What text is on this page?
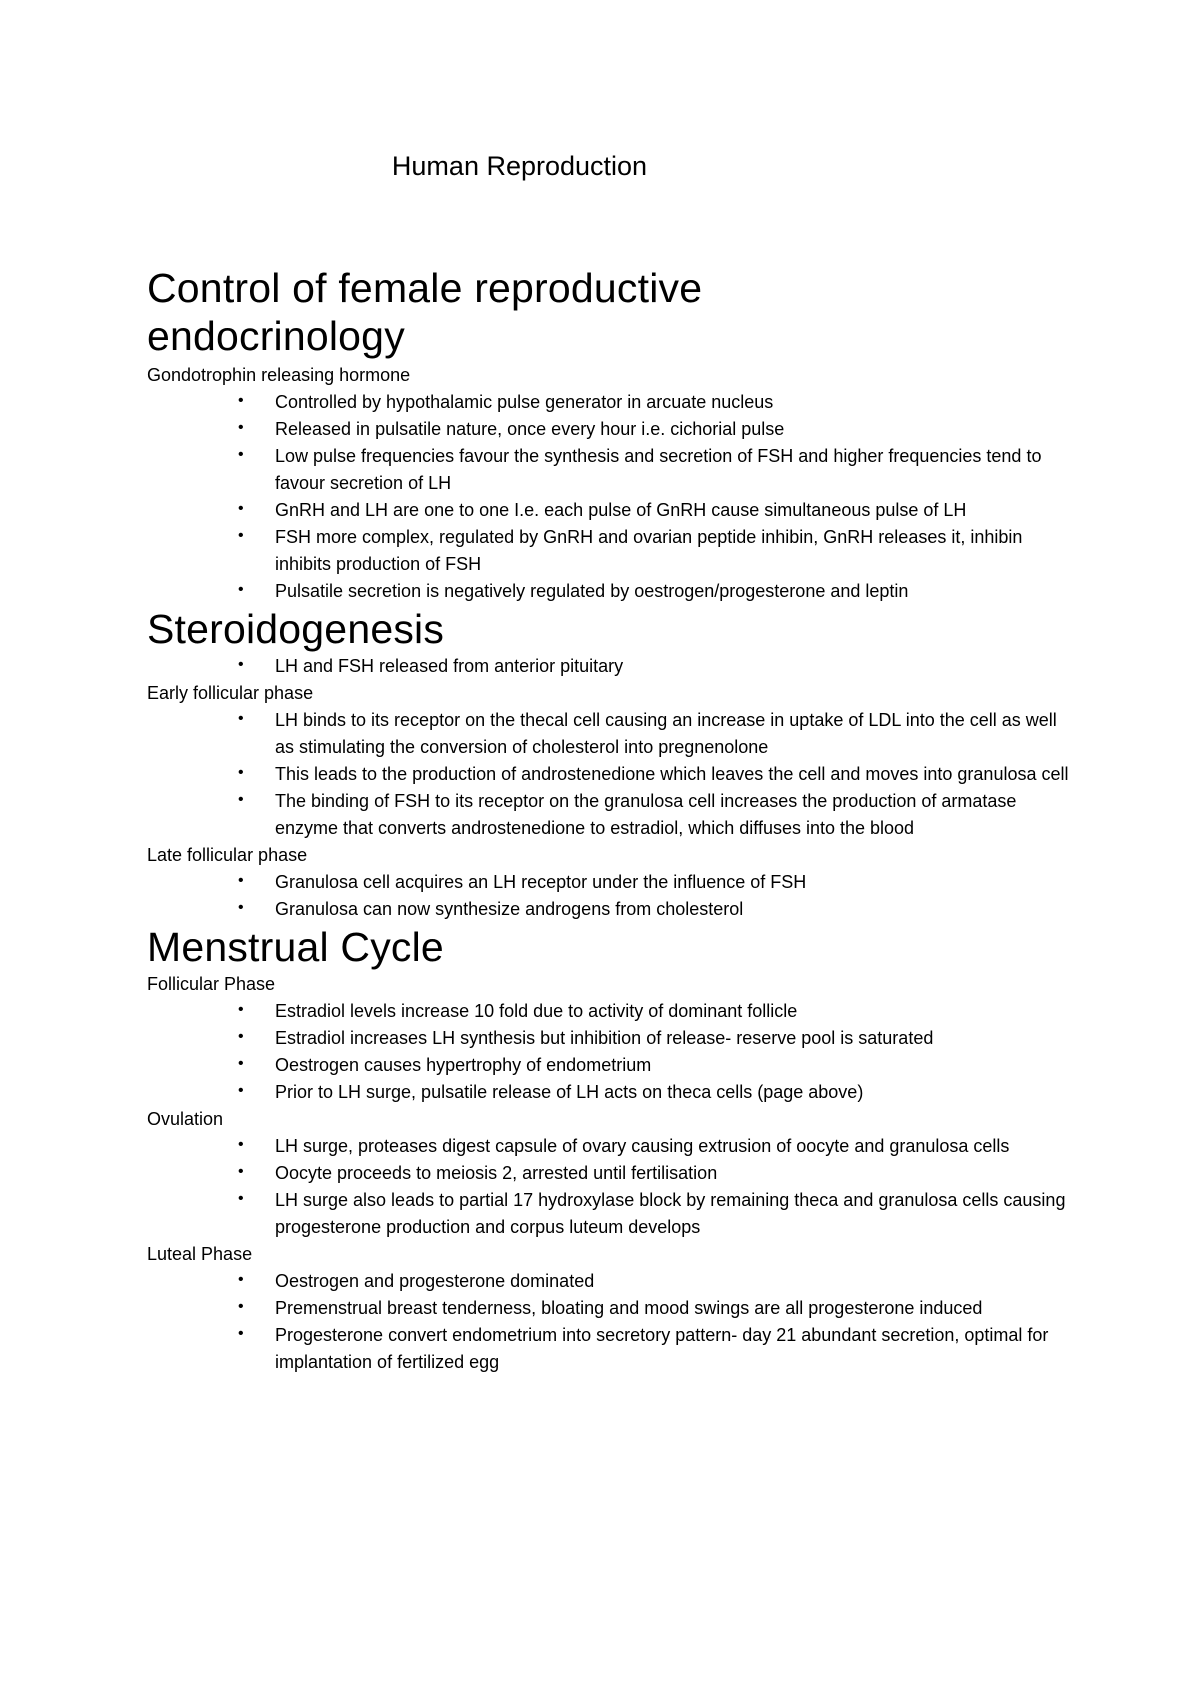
Human Reproduction
Control of female reproductive endocrinology

Gondotrophin releasing hormone

• Controlled by hypothalamic pulse generator in arcuate nucleus
• Released in pulsatile nature, once every hour i.e. cichorial pulse
• Low pulse frequencies favour the synthesis and secretion of FSH and higher frequencies tend to favour secretion of LH
• GnRH and LH are one to one I.e. each pulse of GnRH cause simultaneous pulse of LH
• FSH more complex, regulated by GnRH and ovarian peptide inhibin, GnRH releases it, inhibin inhibits production of FSH
• Pulsatile secretion is negatively regulated by oestrogen/progesterone and leptin
Steroidogenesis
• LH and FSH released from anterior pituitary

Early follicular phase

• LH binds to its receptor on the thecal cell causing an increase in uptake of LDL into the cell as well as stimulating the conversion of cholesterol into pregnenolone
• This leads to the production of androstenedione which leaves the cell and moves into granulosa cell
• The binding of FSH to its receptor on the granulosa cell increases the production of armatase enzyme that converts androstenedione to estradiol, which diffuses into the blood

Late follicular phase

• Granulosa cell acquires an LH receptor under the influence of FSH
• Granulosa can now synthesize androgens from cholesterol
Menstrual Cycle

Follicular Phase

• Estradiol levels increase 10 fold due to activity of dominant follicle
• Estradiol increases LH synthesis but inhibition of release- reserve pool is saturated
• Oestrogen causes hypertrophy of endometrium
• Prior to LH surge, pulsatile release of LH acts on theca cells (page above)

Ovulation

• LH surge, proteases digest capsule of ovary causing extrusion of oocyte and granulosa cells
• Oocyte proceeds to meiosis 2, arrested until fertilisation
• LH surge also leads to partial 17 hydroxylase block by remaining theca and granulosa cells causing progesterone production and corpus luteum develops

Luteal Phase

• Oestrogen and progesterone dominated
• Premenstrual breast tenderness, bloating and mood swings are all progesterone induced
• Progesterone convert endometrium into secretory pattern- day 21 abundant secretion, optimal for implantation of fertilized egg
